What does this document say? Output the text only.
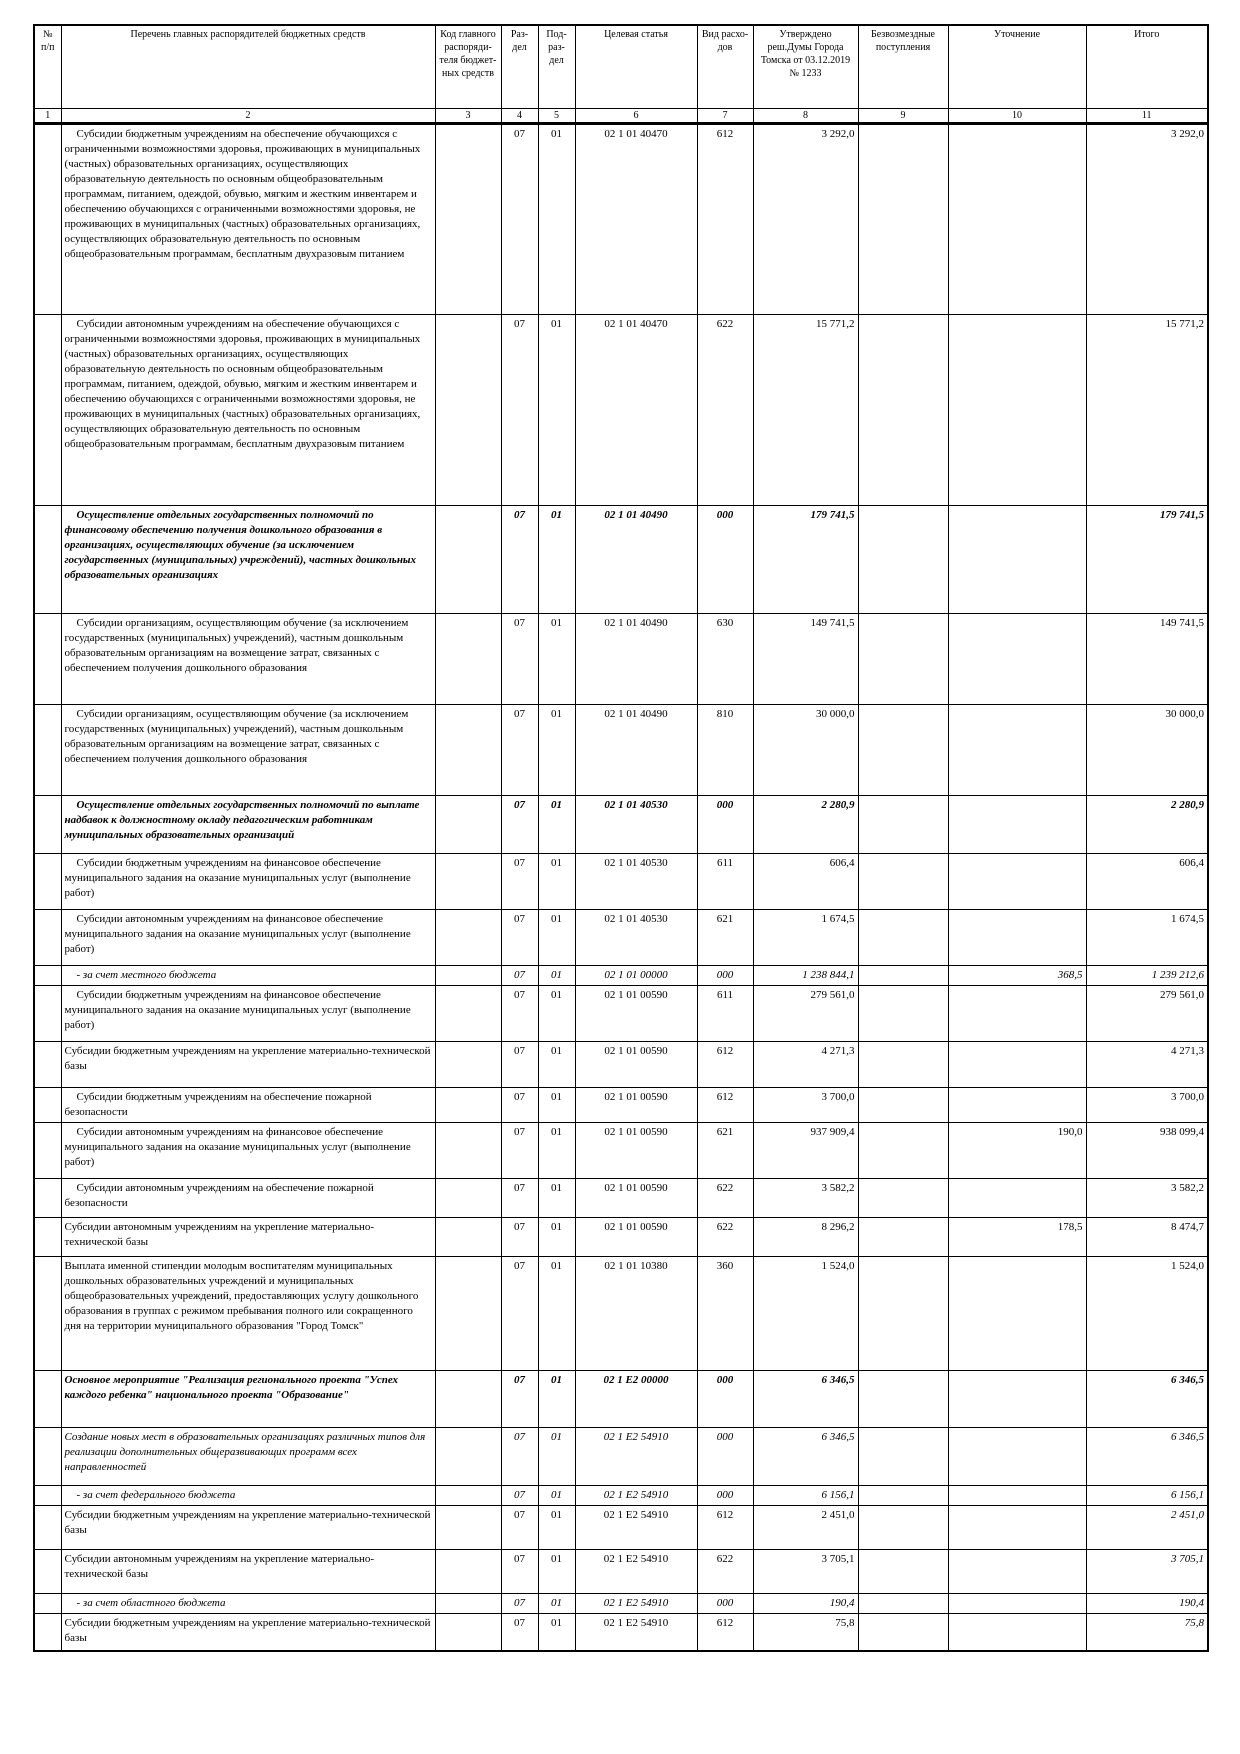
№ п/п	Перечень главных распорядителей бюджетных средств	Код главного распоряди-теля бюджет-ных средств	Раз-дел	Под-раз-дел	Целевая статья	Вид расхо-дов	Утверждено реш.Думы Города Томска от 03.12.2019 № 1233	Безвозмездные поступления	Уточнение	Итого
1	2	3	4	5	6	7	8	9	10	11
	Субсидии бюджетным учреждениям на обеспечение обучающихся с ограниченными возможностями здоровья, проживающих в муниципальных (частных) образовательных организациях, осуществляющих образовательную деятельность по основным общеобразовательным программам, питанием, одеждой, обувью, мягким и жестким инвентарем и обеспечению обучающихся с ограниченными возможностями здоровья, не проживающих в муниципальных (частных) образовательных организациях, осуществляющих образовательную деятельность по основным общеобразовательным программам, бесплатным двухразовым питанием		07	01	02 1 01 40470	612	3 292,0			3 292,0
	Субсидии автономным учреждениям на обеспечение обучающихся с ограниченными возможностями здоровья, проживающих в муниципальных (частных) образовательных организациях, осуществляющих образовательную деятельность по основным общеобразовательным программам, питанием, одеждой, обувью, мягким и жестким инвентарем и обеспечению обучающихся с ограниченными возможностями здоровья, не проживающих в муниципальных (частных) образовательных организациях, осуществляющих образовательную деятельность по основным общеобразовательным программам, бесплатным двухразовым питанием		07	01	02 1 01 40470	622	15 771,2			15 771,2
	Осуществление отдельных государственных полномочий по финансовому обеспечению получения дошкольного образования в организациях, осуществляющих обучение (за исключением государственных (муниципальных) учреждений), частных дошкольных образовательных организациях		07	01	02 1 01 40490	000	179 741,5			179 741,5
	Субсидии организациям, осуществляющим обучение (за исключением государственных (муниципальных) учреждений), частным дошкольным образовательным организациям на возмещение затрат, связанных с обеспечением получения дошкольного образования		07	01	02 1 01 40490	630	149 741,5			149 741,5
	Субсидии организациям, осуществляющим обучение (за исключением государственных (муниципальных) учреждений), частным дошкольным образовательным организациям на возмещение затрат, связанных с обеспечением получения дошкольного образования		07	01	02 1 01 40490	810	30 000,0			30 000,0
	Осуществление отдельных государственных полномочий по выплате надбавок к должностному окладу педагогическим работникам муниципальных образовательных организаций		07	01	02 1 01 40530	000	2 280,9			2 280,9
	Субсидии бюджетным учреждениям на финансовое обеспечение муниципального задания на оказание муниципальных услуг (выполнение работ)		07	01	02 1 01 40530	611	606,4			606,4
	Субсидии автономным учреждениям на финансовое обеспечение муниципального задания на оказание муниципальных услуг (выполнение работ)		07	01	02 1 01 40530	621	1 674,5			1 674,5
	- за счет местного бюджета		07	01	02 1 01 00000	000	1 238 844,1		368,5	1 239 212,6
	Субсидии бюджетным учреждениям на финансовое обеспечение муниципального задания на оказание муниципальных услуг (выполнение работ)		07	01	02 1 01 00590	611	279 561,0			279 561,0
	Субсидии бюджетным учреждениям на укрепление материально-технической базы		07	01	02 1 01 00590	612	4 271,3			4 271,3
	Субсидии бюджетным учреждениям на обеспечение пожарной безопасности		07	01	02 1 01 00590	612	3 700,0			3 700,0
	Субсидии автономным учреждениям на финансовое обеспечение муниципального задания на оказание муниципальных услуг (выполнение работ)		07	01	02 1 01 00590	621	937 909,4		190,0	938 099,4
	Субсидии автономным учреждениям на обеспечение пожарной безопасности		07	01	02 1 01 00590	622	3 582,2			3 582,2
	Субсидии автономным учреждениям на укрепление материально-технической базы		07	01	02 1 01 00590	622	8 296,2		178,5	8 474,7
	Выплата именной стипендии молодым воспитателям муниципальных дошкольных образовательных учреждений и муниципальных общеобразовательных учреждений, предоставляющих услугу дошкольного образования в группах с режимом пребывания полного или сокращенного дня на территории муниципального образования "Город Томск"		07	01	02 1 01 10380	360	1 524,0			1 524,0
	Основное мероприятие "Реализация регионального проекта "Успех каждого ребенка" национального проекта "Образование"		07	01	02 1 E2 00000	000	6 346,5			6 346,5
	Создание новых мест в образовательных организациях различных типов для реализации дополнительных общеразвивающих программ всех направленностей		07	01	02 1 E2 54910	000	6 346,5			6 346,5
	- за счет федерального бюджета		07	01	02 1 E2 54910	000	6 156,1			6 156,1
	Субсидии бюджетным учреждениям на укрепление материально-технической базы		07	01	02 1 E2 54910	612	2 451,0			2 451,0
	Субсидии автономным учреждениям на укрепление материально-технической базы		07	01	02 1 E2 54910	622	3 705,1			3 705,1
	- за счет областного бюджета		07	01	02 1 E2 54910	000	190,4			190,4
	Субсидии бюджетным учреждениям на укрепление материально-технической базы		07	01	02 1 E2 54910	612	75,8			75,8
